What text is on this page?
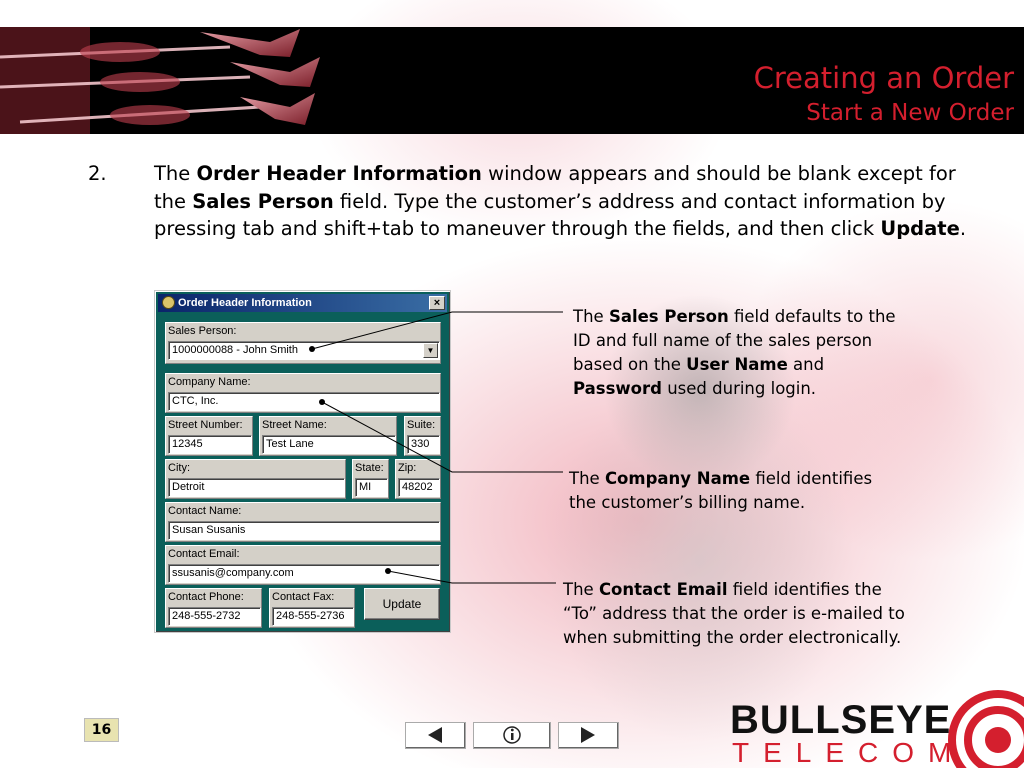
Creating an Order
Start a New Order
2. The Order Header Information window appears and should be blank except for the Sales Person field. Type the customer’s address and contact information by pressing tab and shift+tab to maneuver through the fields, and then click Update.
Order Header Information	×
Sales Person:
1000000088 - John Smith	▼
Company Name:
CTC, Inc.
Street Number:
12345
Street Name:
Test Lane
Suite:
330
City:
Detroit
State:
MI
Zip:
48202
Contact Name:
Susan Susanis
Contact Email:
ssusanis@company.com
Contact Phone:
248-555-2732
Contact Fax:
248-555-2736
Update
The Sales Person field defaults to the ID and full name of the sales person based on the User Name and Password used during login.
The Company Name field identifies the customer’s billing name.
The Contact Email field identifies the “To” address that the order is e-mailed to when submitting the order electronically.
16	BULLSEYE
TELECOM
